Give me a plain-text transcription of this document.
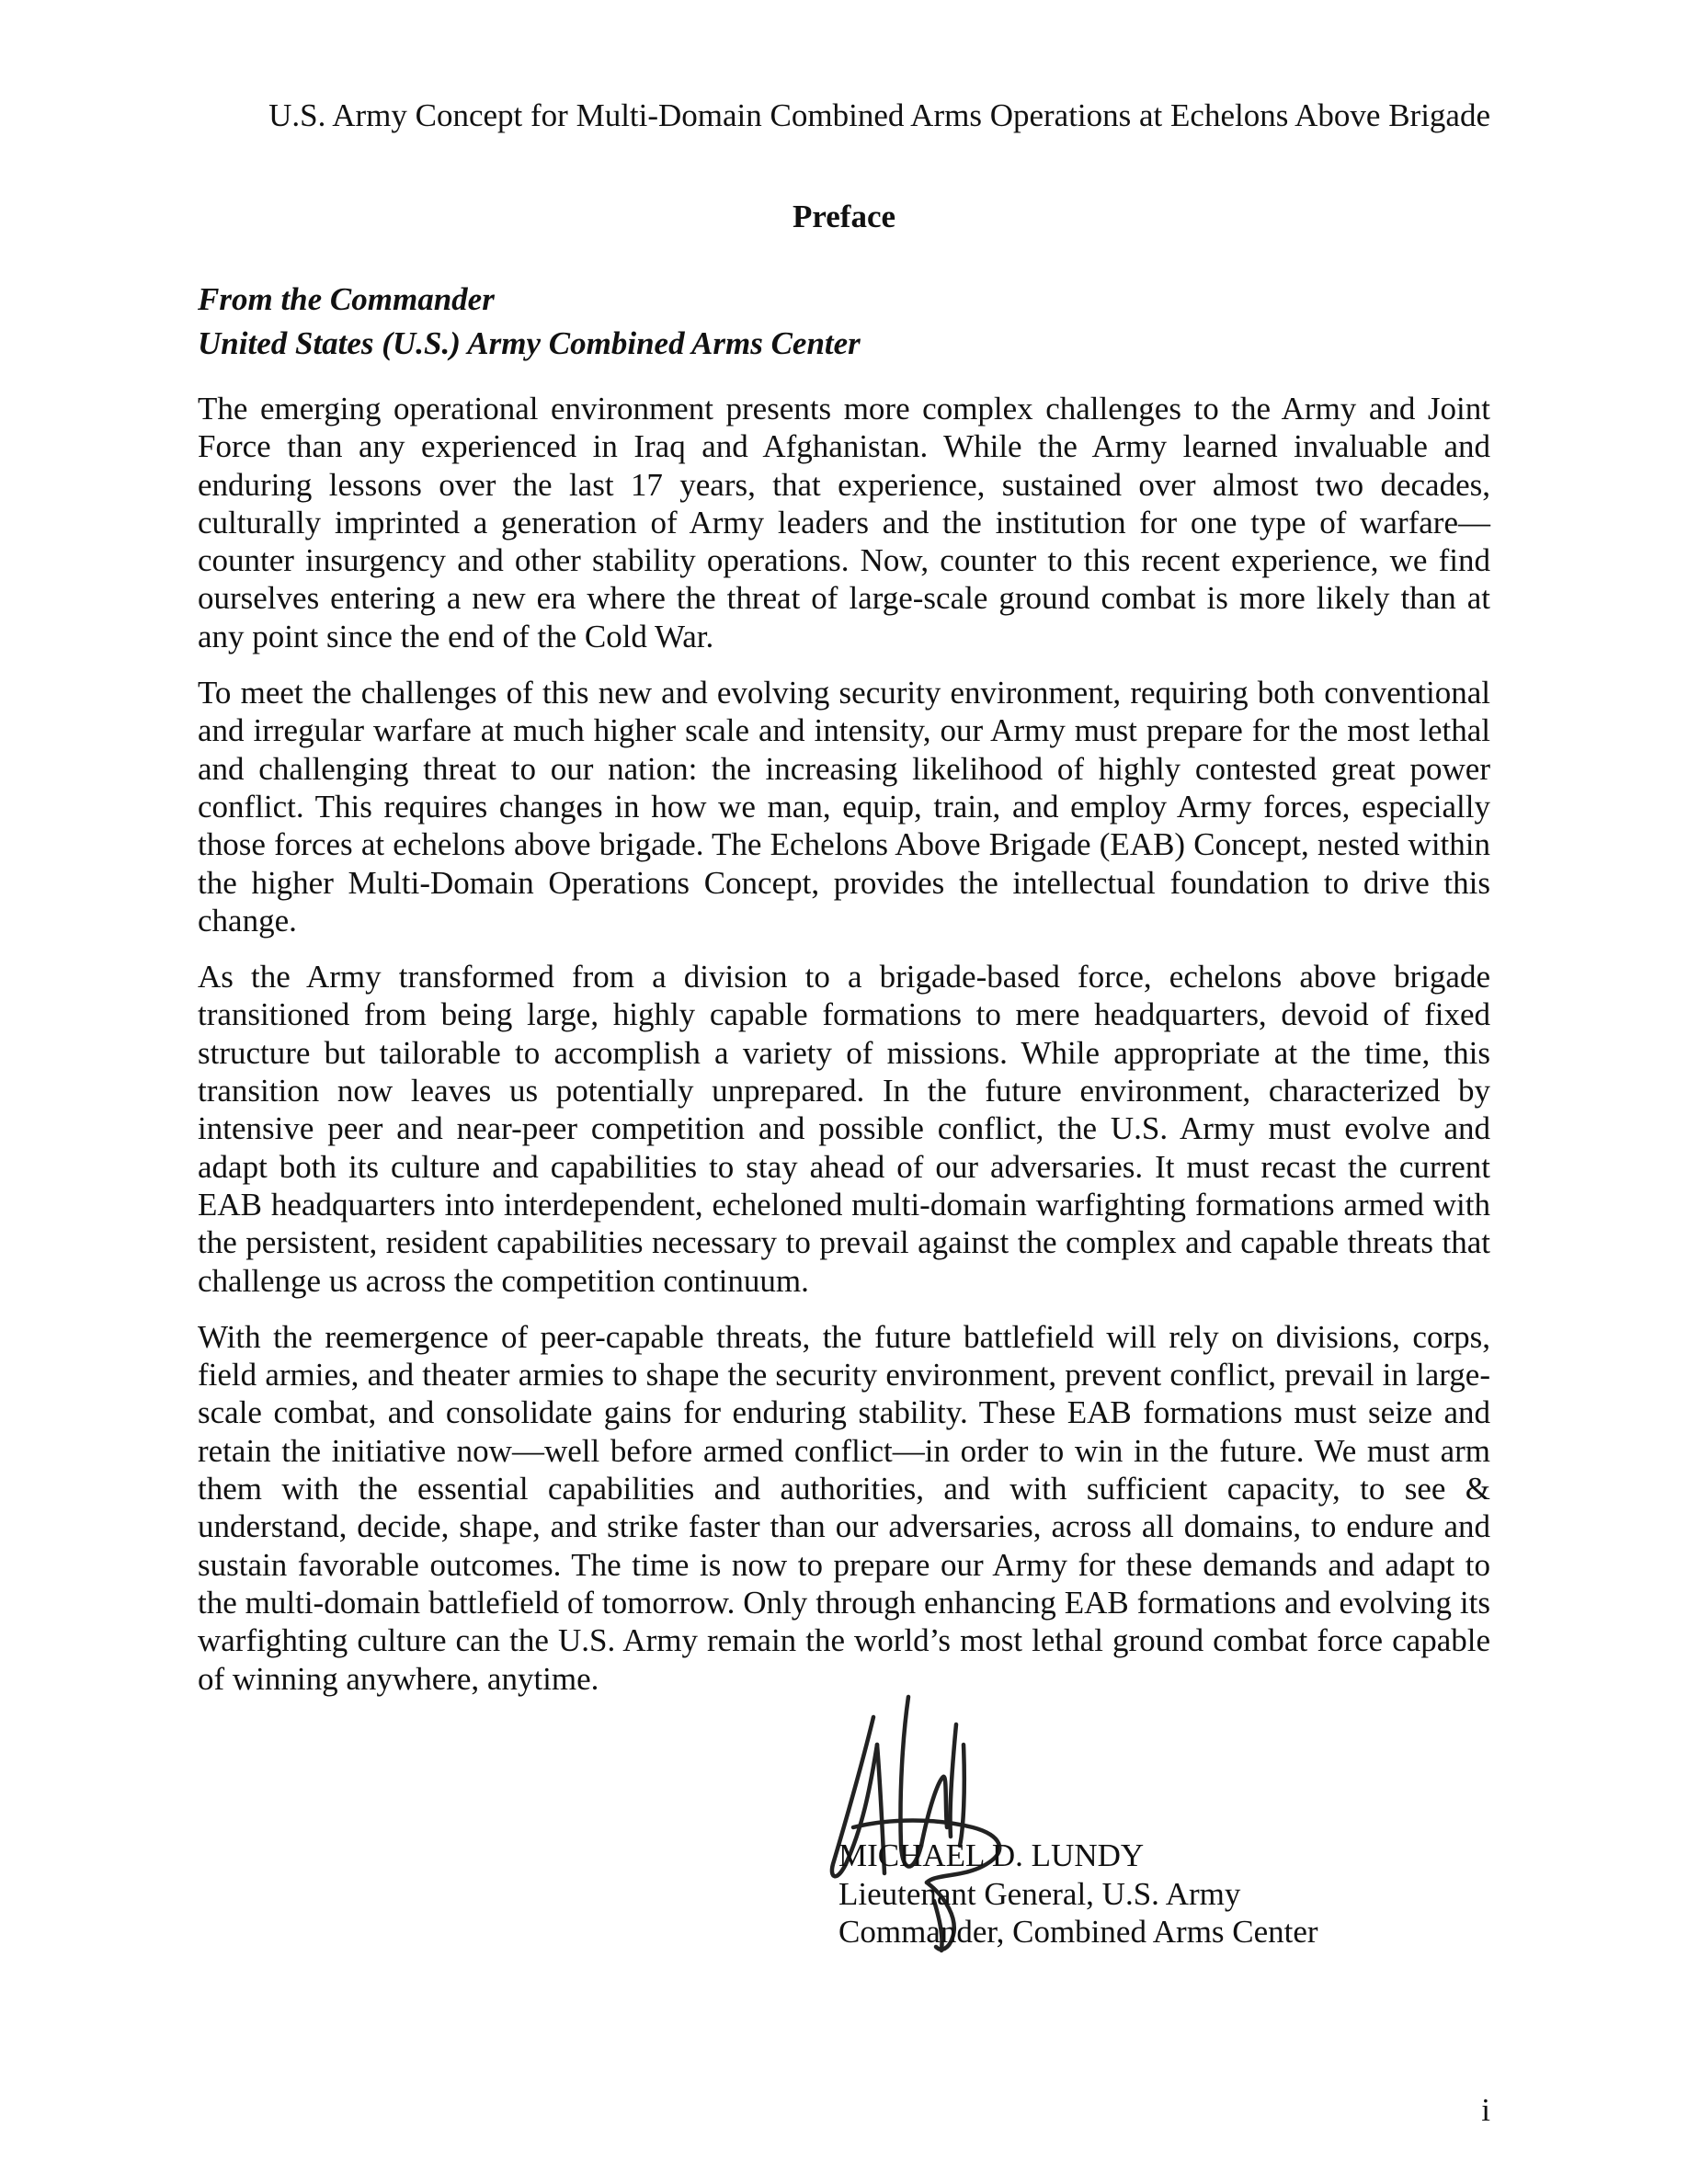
U.S. Army Concept for Multi-Domain Combined Arms Operations at Echelons Above Brigade
Preface
From the Commander
United States (U.S.) Army Combined Arms Center

The emerging operational environment presents more complex challenges to the Army and Joint Force than any experienced in Iraq and Afghanistan. While the Army learned invaluable and enduring lessons over the last 17 years, that experience, sustained over almost two decades, culturally imprinted a generation of Army leaders and the institution for one type of warfare—counter insurgency and other stability operations. Now, counter to this recent experience, we find ourselves entering a new era where the threat of large-scale ground combat is more likely than at any point since the end of the Cold War.

To meet the challenges of this new and evolving security environment, requiring both conventional and irregular warfare at much higher scale and intensity, our Army must prepare for the most lethal and challenging threat to our nation: the increasing likelihood of highly contested great power conflict. This requires changes in how we man, equip, train, and employ Army forces, especially those forces at echelons above brigade. The Echelons Above Brigade (EAB) Concept, nested within the higher Multi-Domain Operations Concept, provides the intellectual foundation to drive this change.

As the Army transformed from a division to a brigade-based force, echelons above brigade transitioned from being large, highly capable formations to mere headquarters, devoid of fixed structure but tailorable to accomplish a variety of missions. While appropriate at the time, this transition now leaves us potentially unprepared. In the future environment, characterized by intensive peer and near-peer competition and possible conflict, the U.S. Army must evolve and adapt both its culture and capabilities to stay ahead of our adversaries. It must recast the current EAB headquarters into interdependent, echeloned multi-domain warfighting formations armed with the persistent, resident capabilities necessary to prevail against the complex and capable threats that challenge us across the competition continuum.

With the reemergence of peer-capable threats, the future battlefield will rely on divisions, corps, field armies, and theater armies to shape the security environment, prevent conflict, prevail in large-scale combat, and consolidate gains for enduring stability. These EAB formations must seize and retain the initiative now—well before armed conflict—in order to win in the future. We must arm them with the essential capabilities and authorities, and with sufficient capacity, to see & understand, decide, shape, and strike faster than our adversaries, across all domains, to endure and sustain favorable outcomes. The time is now to prepare our Army for these demands and adapt to the multi-domain battlefield of tomorrow. Only through enhancing EAB formations and evolving its warfighting culture can the U.S. Army remain the world’s most lethal ground combat force capable of winning anywhere, anytime.

MICHAEL D. LUNDY
Lieutenant General, U.S. Army
Commander, Combined Arms Center
i
